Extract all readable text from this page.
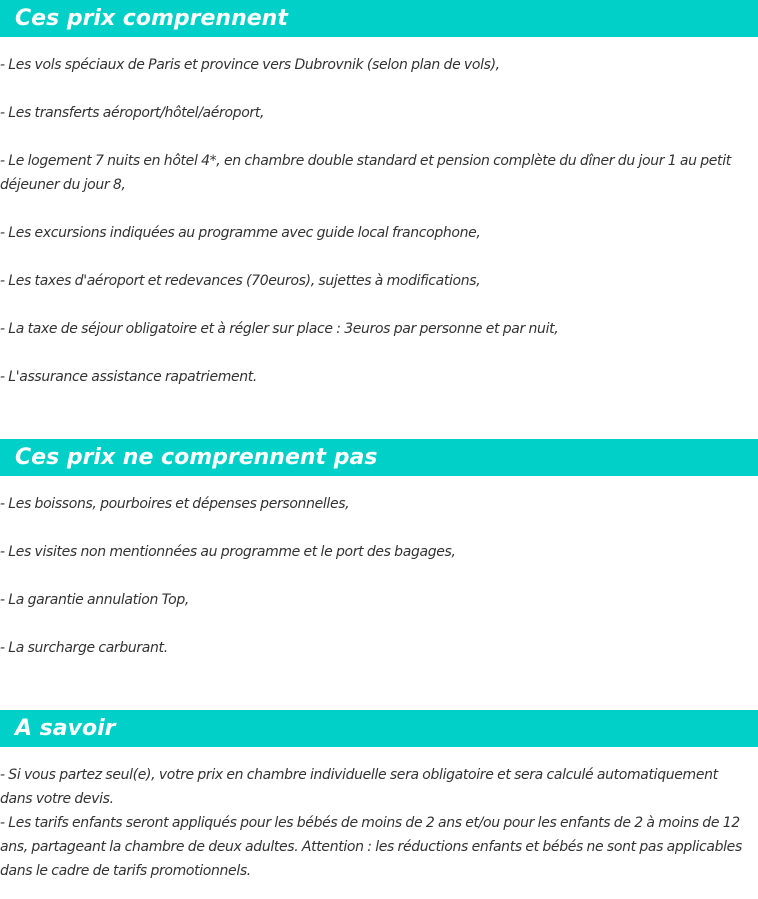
Ces prix comprennent
- Les vols spéciaux de Paris et province vers Dubrovnik (selon plan de vols),
- Les transferts aéroport/hôtel/aéroport,
- Le logement 7 nuits en hôtel 4*, en chambre double standard et pension complète du dîner du jour 1 au petit déjeuner du jour 8,
- Les excursions indiquées au programme avec guide local francophone,
- Les taxes d'aéroport et redevances (70euros), sujettes à modifications,
- La taxe de séjour obligatoire et à régler sur place : 3euros par personne et par nuit,
- L'assurance assistance rapatriement.
Ces prix ne comprennent pas
- Les boissons, pourboires et dépenses personnelles,
- Les visites non mentionnées au programme et le port des bagages,
- La garantie annulation Top,
- La surcharge carburant.
A savoir
- Si vous partez seul(e), votre prix en chambre individuelle sera obligatoire et sera calculé automatiquement dans votre devis.
- Les tarifs enfants seront appliqués pour les bébés de moins de 2 ans et/ou pour les enfants de 2 à moins de 12 ans, partageant la chambre de deux adultes. Attention : les réductions enfants et bébés ne sont pas applicables dans le cadre de tarifs promotionnels.
